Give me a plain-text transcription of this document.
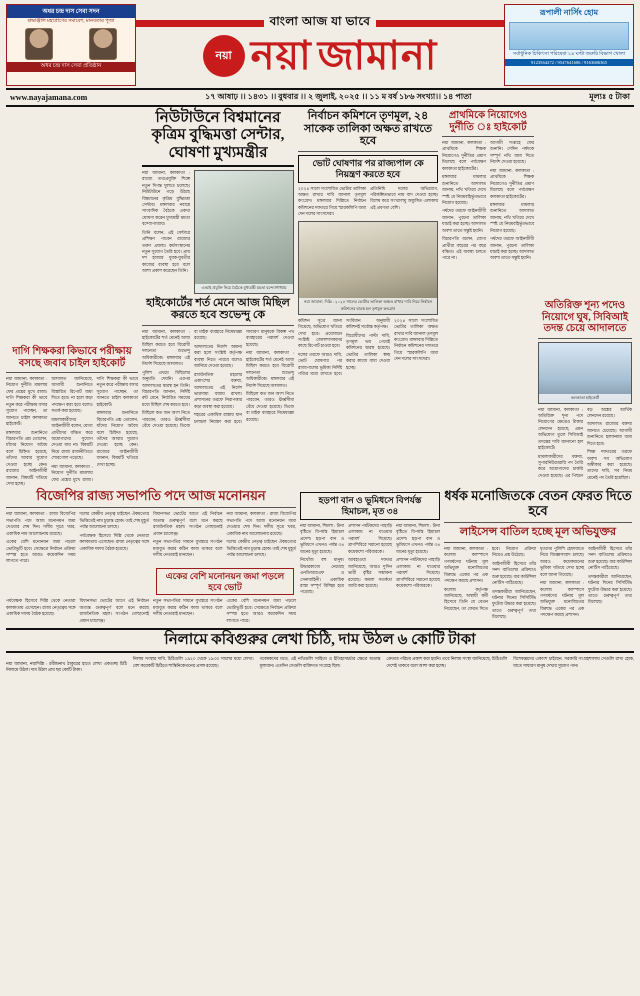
অধর চন্দ্র দাস সেবা সদন
শ্রদ্ধাঞ্জলি মহাপ্রাণের সমাবেশ, মানবতার পূজা
অধর চন্দ্র দাস সেবা প্রতিষ্ঠান
বাংলা আজ যা ভাবে
নয়া নয়া জামানা
রূপালী নার্সিং হোম
সর্বাধুনিক চিকিৎসা পরিষেবা ২৪ ঘণ্টা জরুরি বিভাগ খোলা
9123564272 / 9547641606 / 9163686365
www.nayajamana.com	১৭ আষাঢ় ।। ১৪৩১ ।। বুধবার ।। ২ জুলাই, ২০২৫ ।। ১১ ম বর্ষ ১৮৬ সংখ্যা।। ১৪ পাতা	মূল্যঃ ৫ টাকা
দাগি শিক্ষকরা কিভাবে পরীক্ষায় বসছে জবাব চাইল হাইকোর্ট

নয়া জামানা, কলকাতা : নিয়োগ দুর্নীতি মামলায় ফের প্রশ্নের মুখে রাজ্য। দাগি শিক্ষকরা কী ভাবে নতুন করে পরীক্ষায় বসার সুযোগ পাচ্ছেন, তা জানতে চাইল কলকাতা হাইকোর্ট।

মঙ্গলবার শুনানিতে বিচারপতি প্রশ্ন তোলেন, যাঁদের নিয়োগ অবৈধ বলে চিহ্নিত হয়েছে, তাঁদের আবার সুযোগ দেওয়া হচ্ছে কেন। রাজ্যের আইনজীবী জানান, বিষয়টি খতিয়ে দেখা হচ্ছে।

আদালত জানিয়েছে, আগামী শুনানিতে বিস্তারিত রিপোর্ট জমা দিতে হবে। না হলে কড়া পদক্ষেপ করা হবে বলেও সতর্ক করা হয়েছে।

মামলাকারীদের আইনজীবী বলেন, যোগ্য প্রার্থীদের বঞ্চিত করে অযোগ্যদের সুযোগ দেওয়া যায় না। বিষয়টি নিয়ে রাজ্য রাজনীতিতে শোরগোল পড়েছে।

নয়া জামানা, কলকাতা : নিয়োগ দুর্নীতি মামলায় ফের প্রশ্নের মুখে রাজ্য। দাগি শিক্ষকরা কী ভাবে নতুন করে পরীক্ষায় বসার সুযোগ পাচ্ছেন, তা জানতে চাইল কলকাতা হাইকোর্ট।

মঙ্গলবার শুনানিতে বিচারপতি প্রশ্ন তোলেন, যাঁদের নিয়োগ অবৈধ বলে চিহ্নিত হয়েছে, তাঁদের আবার সুযোগ দেওয়া হচ্ছে কেন। রাজ্যের আইনজীবী জানান, বিষয়টি খতিয়ে দেখা হচ্ছে।

নিউটাউনে বিশ্বমানের কৃত্রিম বুদ্ধিমত্তা সেন্টার, ঘোষণা মুখ্যমন্ত্রীর

নয়া জামানা, কলকাতা : রাজ্যে তথ্যপ্রযুক্তি শিল্পে নতুন দিগন্ত খুলতে চলেছে। নিউটাউনে গড়ে উঠছে বিশ্বমানের কৃত্রিম বুদ্ধিমত্তা সেন্টার। মঙ্গলবার নবান্নে সাংবাদিক বৈঠকে একথা ঘোষণা করেন মুখ্যমন্ত্রী মমতা বন্দ্যোপাধ্যায়।

তিনি বলেন, এই সেন্টারে প্রশিক্ষণ পাবেন রাজ্যের তরুণ প্রজন্ম। কর্মসংস্থানের নতুন সুযোগ তৈরি হবে। প্রায় দশ হাজার যুবক-যুবতীর কাজের ব্যবস্থা হবে বলে আশা প্রকাশ করেছেন তিনি।

এআই প্রযুক্তি নিয়ে বৈঠকে মুখ্যমন্ত্রী মমতা বন্দ্যোপাধ্যায়
হাইকোর্টের শর্ত মেনে আজ মিছিল করতে হবে শুভেন্দু কে

নয়া জামানা, কলকাতা : হাইকোর্টের শর্ত মেনেই আজ মিছিল করতে হবে বিরোধী দলনেতা শুভেন্দু অধিকারীকে। মঙ্গলবার এই নির্দেশ দিয়েছে আদালত।

পুলিশ প্রথমে মিছিলের অনুমতি দেয়নি। এরপর আদালতের দ্বারস্থ হন তিনি। বিচারপতি জানান, নির্দিষ্ট রুট মেনে, নির্ধারিত সময়ের মধ্যে মিছিল শেষ করতে হবে।

মিছিলে কত জন অংশ নিতে পারবেন, তারও ঊর্ধ্বসীমা বেঁধে দেওয়া হয়েছে। ডিজে বা মাইক ব্যবহারে নিষেধাজ্ঞা রয়েছে।

আদালতের নির্দেশ অমান্য করা হলে সংশ্লিষ্ট কর্তৃপক্ষ ব্যবস্থা নিতে পারবে বলেও জানিয়ে দেওয়া হয়েছে।

রাজনৈতিক মহলের একাংশের বক্তব্য, আদালতের এই নির্দেশ ভারসাম্য বজায় রাখল। প্রশাসনের তরফে নিরাপত্তার কড়া ব্যবস্থা করা হয়েছে।

শহরের একাধিক রাস্তায় যান চলাচল নিয়ন্ত্রণ করা হবে। সাধারণ মানুষকে বিকল্প পথ ব্যবহারের পরামর্শ দেওয়া হয়েছে।

নয়া জামানা, কলকাতা : হাইকোর্টের শর্ত মেনেই আজ মিছিল করতে হবে বিরোধী দলনেতা শুভেন্দু অধিকারীকে। মঙ্গলবার এই নির্দেশ দিয়েছে আদালত।

মিছিলে কত জন অংশ নিতে পারবেন, তারও ঊর্ধ্বসীমা বেঁধে দেওয়া হয়েছে। ডিজে বা মাইক ব্যবহারে নিষেধাজ্ঞা রয়েছে।

নির্বাচন কমিশনে তৃণমূল, ২৪ সাকেক তালিকা অক্ষত রাখতে হবে
ভোট ঘোষণার পর রাজ্যপাল কে নিয়ন্ত্রণ করতে হবে

২০২৪ সালে সংশোধিত ভোটার তালিকা অক্ষত রাখার দাবি জানাল তৃণমূল কংগ্রেস। মঙ্গলবার দিল্লিতে নির্বাচন কমিশনের দফতরে গিয়ে স্মারকলিপি জমা দেন দলের সাংসদেরা।

প্রতিনিধি দলের অভিযোগ, পরিকল্পিতভাবে নাম বাদ দেওয়া হচ্ছে। বিশেষ করে সংখ্যালঘু অধ্যুষিত এলাকায় এই প্রবণতা বেশি।

নয়া জামানা, দিল্লি : ২০২৪ সালের ভোটার তালিকা অক্ষত রাখার দাবি নিয়ে নির্বাচন কমিশনের দ্বারস্থ হল তৃণমূল কংগ্রেস

কমিশন সূত্রে জানা গিয়েছে, অভিযোগ খতিয়ে দেখা হবে। প্রয়োজনে সংশ্লিষ্ট জেলাশাসকদের কাছে রিপোর্ট চাওয়া হবে।

দলের তরফে আরও দাবি, ভোট ঘোষণার পর রাজ্যপালের ভূমিকা নির্দিষ্ট গণ্ডির মধ্যে রাখতে হবে। সংবিধান অনুযায়ী কমিশনই সর্বোচ্চ কর্তৃপক্ষ।

বিরোধীদের পাল্টা দাবি, তৃণমূল ভয় পেয়েই কমিশনের দ্বারস্থ হয়েছে। ভোটার তালিকা স্বচ্ছ করার কাজে বাধা দেওয়া হচ্ছে।

২০২৪ সালে সংশোধিত ভোটার তালিকা অক্ষত রাখার দাবি জানাল তৃণমূল কংগ্রেস। মঙ্গলবার দিল্লিতে নির্বাচন কমিশনের দফতরে গিয়ে স্মারকলিপি জমা দেন দলের সাংসদেরা।

প্রাথমিকে নিয়োগেও দুর্নীতি ঃ হাইকোর্ট

নয়া জামানা, কলকাতা : প্রাথমিকে শিক্ষক নিয়োগেও দুর্নীতির প্রমাণ মিলেছে বলে পর্যবেক্ষণ কলকাতা হাইকোর্টের।

মঙ্গলবার মামলার শুনানিতে আদালত জানায়, নথি খতিয়ে দেখে স্পষ্ট যে নিয়মবহির্ভূতভাবে নিয়োগ হয়েছে।

পর্ষদের তরফে আইনজীবী জানান, পুরনো তালিকা যাচাই করা হচ্ছে। আদালত অবশ্য তাতে সন্তুষ্ট হয়নি।

বিচারপতি বলেন, যোগ্য প্রার্থীরা বছরের পর বছর বঞ্চিত। এই অবস্থা চলতে পারে না।

আগামী সপ্তাহে ফের শুনানি। সেদিন পর্ষদকে সম্পূর্ণ নথি জমা দিতে নির্দেশ দেওয়া হয়েছে।

নয়া জামানা, কলকাতা : প্রাথমিকে শিক্ষক নিয়োগেও দুর্নীতির প্রমাণ মিলেছে বলে পর্যবেক্ষণ কলকাতা হাইকোর্টের।

মঙ্গলবার মামলার শুনানিতে আদালত জানায়, নথি খতিয়ে দেখে স্পষ্ট যে নিয়মবহির্ভূতভাবে নিয়োগ হয়েছে।

পর্ষদের তরফে আইনজীবী জানান, পুরনো তালিকা যাচাই করা হচ্ছে। আদালত অবশ্য তাতে সন্তুষ্ট হয়নি।

অতিরিক্ত শূন্য পদেও নিয়োগে ঘুষ, সিবিআই তদন্ত চেয়ে আদালতে
কলকাতা হাইকোর্ট

নয়া জামানা, কলকাতা : অতিরিক্ত শূন্য পদে নিয়োগের ক্ষেত্রেও টাকার লেনদেন হয়েছে, এমন অভিযোগ তুলে সিবিআই তদন্তের দাবি জানানো হল হাইকোর্টে।

মামলাকারীদের বক্তব্য, সুপারনিউমেরারি পদ তৈরি করে অযোগ্যদের চাকরি দেওয়া হয়েছে। এর পিছনে বড় অঙ্কের আর্থিক লেনদেন রয়েছে।

আদালত রাজ্যের বক্তব্য জানতে চেয়েছে। আগামী শুনানিতে হলফনামা জমা দিতে হবে।

শিক্ষা দফতরের তরফে অবশ্য সব অভিযোগ অস্বীকার করা হয়েছে। তাদের দাবি, সব নিয়ম মেনেই পদ তৈরি হয়েছিল।

বিজেপির রাজ্য সভাপতি পদে আজ মনোনয়ন

নয়া জামানা, কলকাতা : রাজ্য বিজেপির সভাপতি পদে আজ মনোনয়ন জমা দেওয়ার শেষ দিন। দলীয় সূত্রে খবর, একাধিক নাম আলোচনায় রয়েছে।

একের বেশি মনোনয়ন জমা পড়লে ভোটাভুটি হবে। সেক্ষেত্রে নির্বাচন প্রক্রিয়া সম্পন্ন হতে আরও কয়েকদিন সময় লাগতে পারে।

দলের কেন্দ্রীয় নেতৃত্ব চাইছেন ঐকমত্যের ভিত্তিতেই নাম চূড়ান্ত হোক। তাই শেষ মুহূর্ত পর্যন্ত আলোচনা চলছে।

পর্যবেক্ষক হিসেবে দিল্লি থেকে নেতারা কলকাতায় এসেছেন। রাজ্য নেতৃত্বের সঙ্গে একাধিক দফায় বৈঠক হয়েছে।

বিধানসভা ভোটের আগে এই নির্বাচন অত্যন্ত গুরুত্বপূর্ণ বলে মনে করছে রাজনৈতিক মহল। সংগঠন গোছানোই প্রধান চ্যালেঞ্জ।

নতুন সভাপতির সামনে বুথস্তরে সংগঠন মজবুত করার কঠিন কাজ থাকবে বলে দলীয় নেতারাই মানছেন।

নয়া জামানা, কলকাতা : রাজ্য বিজেপির সভাপতি পদে আজ মনোনয়ন জমা দেওয়ার শেষ দিন। দলীয় সূত্রে খবর, একাধিক নাম আলোচনায় রয়েছে।

দলের কেন্দ্রীয় নেতৃত্ব চাইছেন ঐকমত্যের ভিত্তিতেই নাম চূড়ান্ত হোক। তাই শেষ মুহূর্ত পর্যন্ত আলোচনা চলছে।

একের বেশি মনোনয়ন জমা পড়লে হবে ভোট

পর্যবেক্ষক হিসেবে দিল্লি থেকে নেতারা কলকাতায় এসেছেন। রাজ্য নেতৃত্বের সঙ্গে একাধিক দফায় বৈঠক হয়েছে।

বিধানসভা ভোটের আগে এই নির্বাচন অত্যন্ত গুরুত্বপূর্ণ বলে মনে করছে রাজনৈতিক মহল। সংগঠন গোছানোই প্রধান চ্যালেঞ্জ।

নতুন সভাপতির সামনে বুথস্তরে সংগঠন মজবুত করার কঠিন কাজ থাকবে বলে দলীয় নেতারাই মানছেন।

একের বেশি মনোনয়ন জমা পড়লে ভোটাভুটি হবে। সেক্ষেত্রে নির্বাচন প্রক্রিয়া সম্পন্ন হতে আরও কয়েকদিন সময় লাগতে পারে।

হড়পা বান ও ভূমিধসে বিপর্যস্ত হিমাচল, মৃত ৩৪

নয়া জামানা, শিমলা : টানা বৃষ্টিতে বিপর্যস্ত হিমাচল প্রদেশ। হড়পা বান ও ভূমিধসে এখনও পর্যন্ত ৩৪ জনের মৃত্যু হয়েছে।

নিখোঁজ বহু মানুষ। উদ্ধারকাজে নেমেছে এনডিআরএফ ও সেনাবাহিনী। একাধিক রাস্তা সম্পূর্ণ বিচ্ছিন্ন হয়ে পড়েছে।

প্রশাসন পর্যটকদের পাহাড়ি এলাকায় না যাওয়ার পরামর্শ দিয়েছে। ত্রাণশিবিরে সরানো হয়েছে কয়েকশো পরিবারকে।

আবহাওয়া দফতর জানিয়েছে, আরও দু'দিন ভারী বৃষ্টির সম্ভাবনা রয়েছে। কমলা সতর্কতা জারি করা হয়েছে।

নয়া জামানা, শিমলা : টানা বৃষ্টিতে বিপর্যস্ত হিমাচল প্রদেশ। হড়পা বান ও ভূমিধসে এখনও পর্যন্ত ৩৪ জনের মৃত্যু হয়েছে।

প্রশাসন পর্যটকদের পাহাড়ি এলাকায় না যাওয়ার পরামর্শ দিয়েছে। ত্রাণশিবিরে সরানো হয়েছে কয়েকশো পরিবারকে।

ধর্ষক মনোজিতকে বেতন ফেরত দিতে হবে
লাইসেন্স বাতিল হচ্ছে মূল অভিযুক্তর

নয়া জামানা, কলকাতা : কলেজ ক্যাম্পাসে গণধর্ষণের ঘটনায় মূল অভিযুক্ত মনোজিতের বিরুদ্ধে একের পর এক পদক্ষেপ করছে প্রশাসন।

কলেজ কর্তৃপক্ষ জানিয়েছে, অস্থায়ী কর্মী হিসেবে তিনি যে বেতন নিয়েছেন, তা ফেরত দিতে হবে। নিয়োগ প্রক্রিয়া নিয়েও প্রশ্ন উঠেছে।

আইনজীবী হিসেবে তাঁর সনদ বাতিলের প্রক্রিয়াও শুরু হয়েছে। বার কাউন্সিল নোটিস পাঠিয়েছে।

তদন্তকারীরা জানিয়েছেন, ঘটনার দিনের সিসিটিভি ফুটেজ উদ্ধার করা হয়েছে। তাতে গুরুত্বপূর্ণ তথ্য মিলেছে।

ধৃতদের পুলিশি হেফাজতে নিয়ে জিজ্ঞাসাবাদ চলছে। আরও কয়েকজনের ভূমিকা খতিয়ে দেখা হচ্ছে বলে জানা গিয়েছে।

নয়া জামানা, কলকাতা : কলেজ ক্যাম্পাসে গণধর্ষণের ঘটনায় মূল অভিযুক্ত মনোজিতের বিরুদ্ধে একের পর এক পদক্ষেপ করছে প্রশাসন।

আইনজীবী হিসেবে তাঁর সনদ বাতিলের প্রক্রিয়াও শুরু হয়েছে। বার কাউন্সিল নোটিস পাঠিয়েছে।

তদন্তকারীরা জানিয়েছেন, ঘটনার দিনের সিসিটিভি ফুটেজ উদ্ধার করা হয়েছে। তাতে গুরুত্বপূর্ণ তথ্য মিলেছে।

নিলামে কবিগুরুর লেখা চিঠি, দাম উঠল ৬ কোটি টাকা

নয়া জামানা, নয়াদিল্লি : রবীন্দ্রনাথ ঠাকুরের হাতে লেখা একগুচ্ছ চিঠি নিলামে উঠল। দাম উঠল প্রায় ছয় কোটি টাকা।

নিলাম সংস্থার দাবি, চিঠিগুলি ১৯২০ থেকে ১৯৩০ সালের মধ্যে লেখা। বেশ কয়েকটি চিঠিতে শান্তিনিকেতনের প্রসঙ্গ রয়েছে।

গবেষকদের মতে, এই নথিগুলি সাহিত্য ও ইতিহাসচর্চার ক্ষেত্রে অত্যন্ত মূল্যবান। এতদিন সেগুলি ব্যক্তিগত সংগ্রহে ছিল।

ক্রেতার পরিচয় প্রকাশ করা হয়নি। তবে নিলাম সংস্থা জানিয়েছে, চিঠিগুলি দেশেই থাকবে বলে আশা করা হচ্ছে।

বিশেষজ্ঞদের একাংশ চাইছেন, সরকারি সংগ্রহশালায় সেগুলি রাখা হোক, যাতে সাধারণ মানুষ দেখার সুযোগ পান।
